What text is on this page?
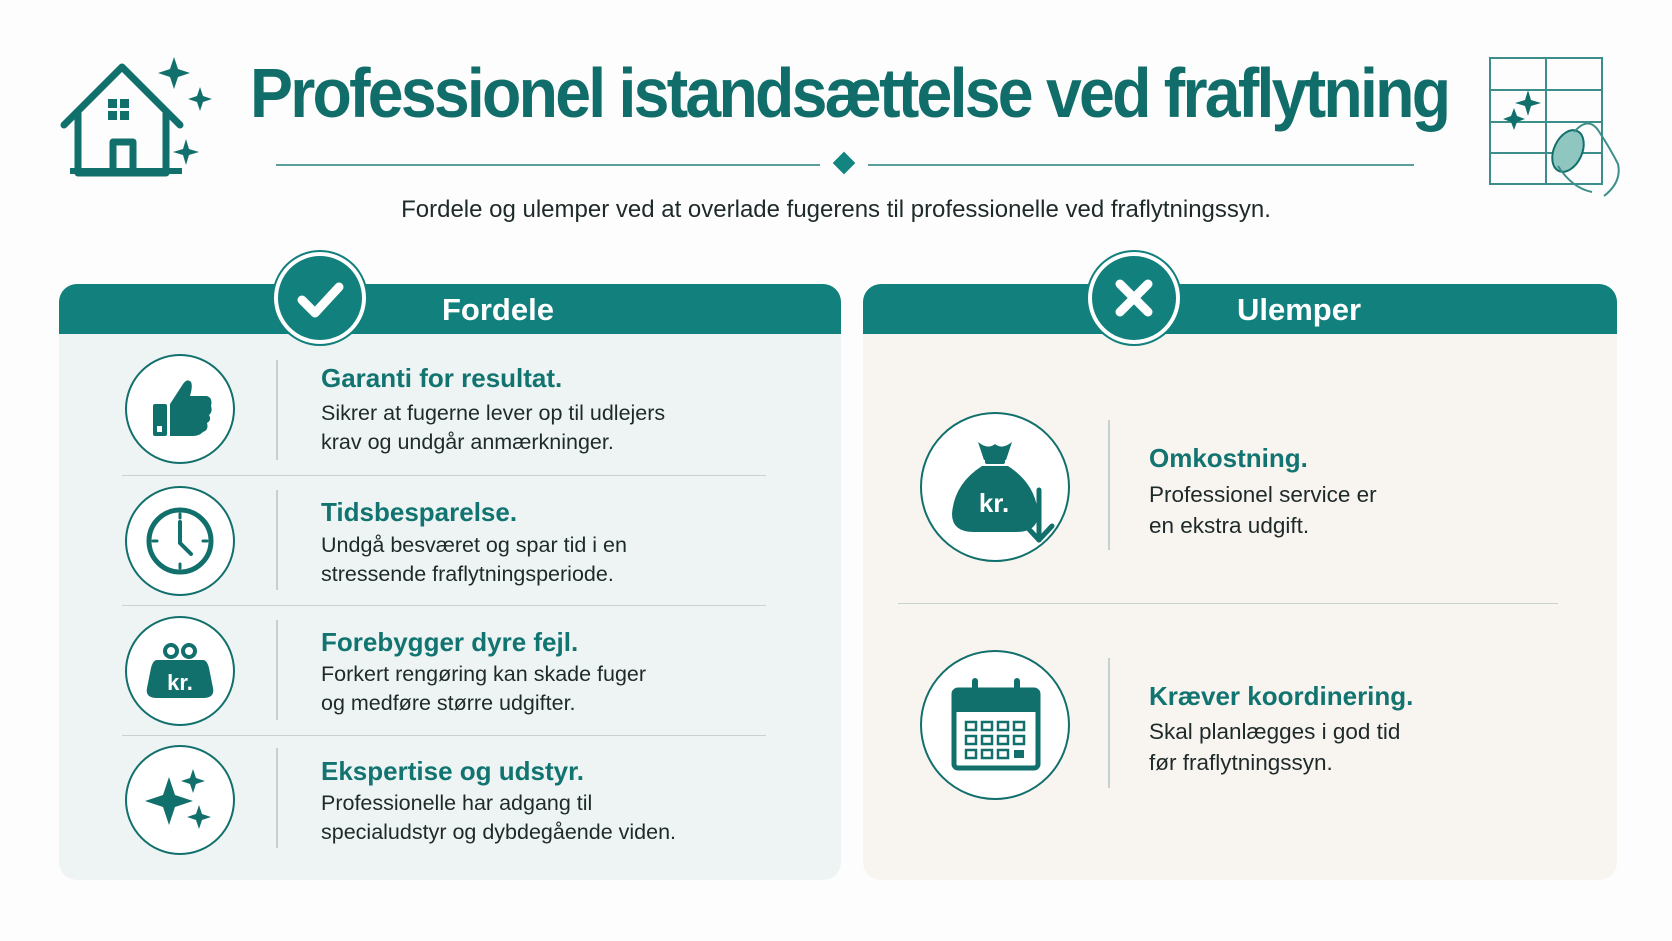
Professionel istandsættelse ved fraflytning
Fordele og ulemper ved at overlade fugerens til professionelle ved fraflytningssyn.
Fordele
Garanti for resultat.
Sikrer at fugerne lever op til udlejers
krav og undgår anmærkninger.
Tidsbesparelse.
Undgå besværet og spar tid i en
stressende fraflytningsperiode.
kr.
Forebygger dyre fejl.
Forkert rengøring kan skade fuger
og medføre større udgifter.
Ekspertise og udstyr.
Professionelle har adgang til
specialudstyr og dybdegående viden.
Ulemper
kr.
Omkostning.
Professionel service er
en ekstra udgift.
Kræver koordinering.
Skal planlægges i god tid
før fraflytningssyn.
